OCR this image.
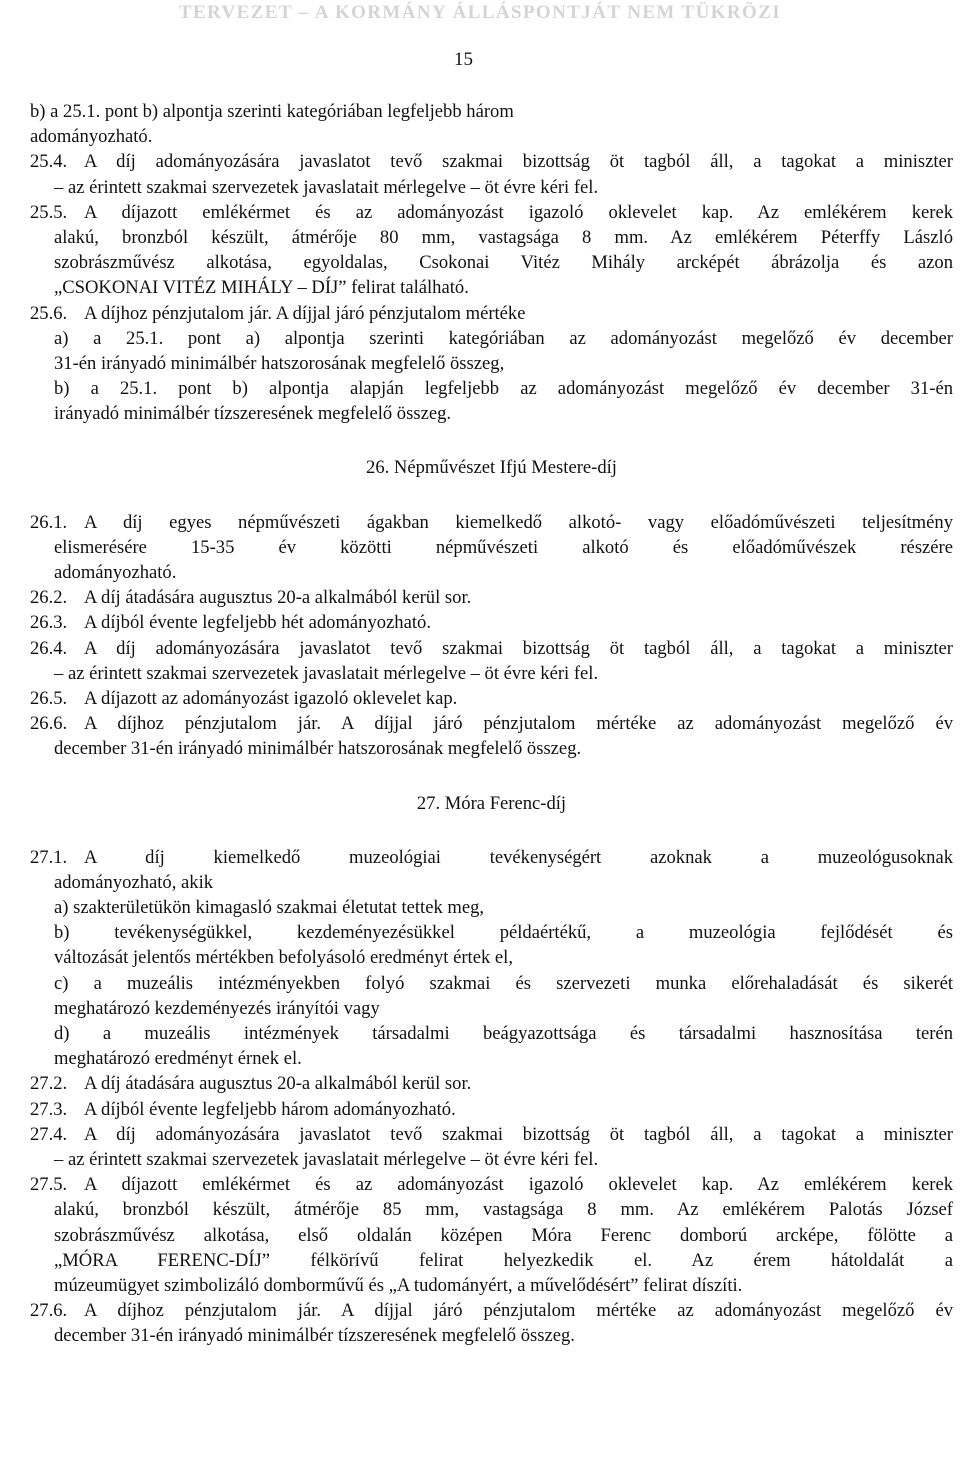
TERVEZET – A KORMÁNY ÁLLÁSPONTJÁT NEM TÜKRÖZI
15
b) a 25.1. pont b) alpontja szerinti kategóriában legfeljebb három
adományozható.
25.4. A díj adományozására javaslatot tevő szakmai bizottság öt tagból áll, a tagokat a miniszter
– az érintett szakmai szervezetek javaslatait mérlegelve – öt évre kéri fel.
25.5. A díjazott emlékérmet és az adományozást igazoló oklevelet kap. Az emlékérem kerek
alakú, bronzból készült, átmérője 80 mm, vastagsága 8 mm. Az emlékérem Péterffy László
szobrászművész alkotása, egyoldalas, Csokonai Vitéz Mihály arcképét ábrázolja és azon
„CSOKONAI VITÉZ MIHÁLY – DÍJ” felirat található.
25.6. A díjhoz pénzjutalom jár. A díjjal járó pénzjutalom mértéke
a) a 25.1. pont a) alpontja szerinti kategóriában az adományozást megelőző év december
31-én irányadó minimálbér hatszorosának megfelelő összeg,
b) a 25.1. pont b) alpontja alapján legfeljebb az adományozást megelőző év december 31-én
irányadó minimálbér tízszeresének megfelelő összeg.
26. Népművészet Ifjú Mestere-díj
26.1. A díj egyes népművészeti ágakban kiemelkedő alkotó- vagy előadóművészeti teljesítmény
elismerésére 15-35 év közötti népművészeti alkotó és előadóművészek részére
adományozható.
26.2. A díj átadására augusztus 20-a alkalmából kerül sor.
26.3. A díjból évente legfeljebb hét adományozható.
26.4. A díj adományozására javaslatot tevő szakmai bizottság öt tagból áll, a tagokat a miniszter
– az érintett szakmai szervezetek javaslatait mérlegelve – öt évre kéri fel.
26.5. A díjazott az adományozást igazoló oklevelet kap.
26.6. A díjhoz pénzjutalom jár. A díjjal járó pénzjutalom mértéke az adományozást megelőző év
december 31-én irányadó minimálbér hatszorosának megfelelő összeg.
27. Móra Ferenc-díj
27.1. A díj kiemelkedő muzeológiai tevékenységért azoknak a muzeológusoknak
adományozható, akik
a) szakterületükön kimagasló szakmai életutat tettek meg,
b) tevékenységükkel, kezdeményezésükkel példaértékű, a muzeológia fejlődését és
változását jelentős mértékben befolyásoló eredményt értek el,
c) a muzeális intézményekben folyó szakmai és szervezeti munka előrehaladását és sikerét
meghatározó kezdeményezés irányítói vagy
d) a muzeális intézmények társadalmi beágyazottsága és társadalmi hasznosítása terén
meghatározó eredményt érnek el.
27.2. A díj átadására augusztus 20-a alkalmából kerül sor.
27.3. A díjból évente legfeljebb három adományozható.
27.4. A díj adományozására javaslatot tevő szakmai bizottság öt tagból áll, a tagokat a miniszter
– az érintett szakmai szervezetek javaslatait mérlegelve – öt évre kéri fel.
27.5. A díjazott emlékérmet és az adományozást igazoló oklevelet kap. Az emlékérem kerek
alakú, bronzból készült, átmérője 85 mm, vastagsága 8 mm. Az emlékérem Palotás József
szobrászművész alkotása, első oldalán középen Móra Ferenc domború arcképe, fölötte a
„MÓRA FERENC-DÍJ” félkörívű felirat helyezkedik el. Az érem hátoldalát a
múzeumügyet szimbolizáló domborművű és „A tudományért, a művelődésért” felirat díszíti.
27.6. A díjhoz pénzjutalom jár. A díjjal járó pénzjutalom mértéke az adományozást megelőző év
december 31-én irányadó minimálbér tízszeresének megfelelő összeg.
